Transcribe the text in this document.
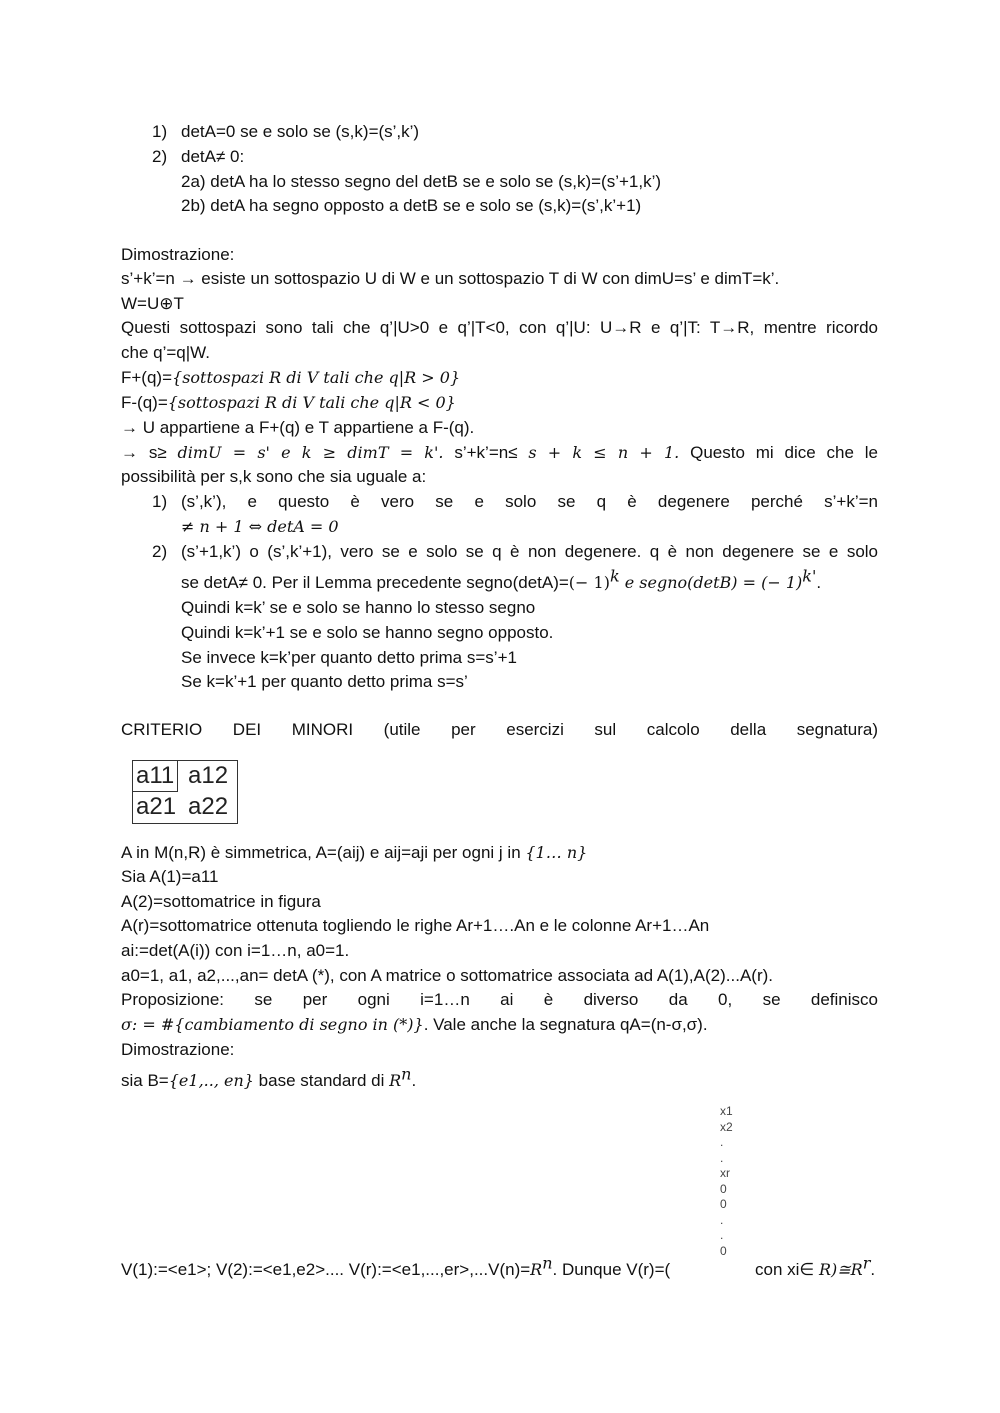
1) detA=0 se e solo se (s,k)=(s’,k’)
2) detA≠ 0:
2a) detA ha lo stesso segno del detB se e solo se (s,k)=(s’+1,k’)
2b) detA ha segno opposto a detB se e solo se (s,k)=(s’,k’+1)
Dimostrazione:
s’+k’=n → esiste un sottospazio U di W e un sottospazio T di W con dimU=s’ e dimT=k’.
W=U⊕T
Questi sottospazi sono tali che q’|U>0 e q’|T<0, con q’|U: U→R e q’|T: T→R, mentre ricordo
che q’=q|W.
F+(q)={sottospazi R di V tali che q|R > 0}
F-(q)={sottospazi R di V tali che q|R < 0}
→ U appartiene a F+(q) e T appartiene a F-(q).
→ s≥ dimU = s' e k ≥ dimT = k'. s’+k’=n≤ s + k ≤ n + 1. Questo mi dice che le
possibilità per s,k sono che sia uguale a:
1) (s’,k’), e questo è vero se e solo se q è degenere perché s’+k’=n
≠ n + 1 ⇔ detA = 0
2) (s’+1,k’) o (s’,k’+1), vero se e solo se q è non degenere. q è non degenere se e solo
se detA≠ 0. Per il Lemma precedente segno(detA)=(− 1)$^k$ e segno(detB) = (− 1)$^{k'}$.
Quindi k=k’ se e solo se hanno lo stesso segno
Quindi k=k’+1 se e solo se hanno segno opposto.
Se invece k=k’per quanto detto prima s=s’+1
Se k=k’+1 per quanto detto prima s=s’
CRITERIO DEI MINORI (utile per esercizi sul calcolo della segnatura)
a11 a12
a21 a22
A in M(n,R) è simmetrica, A=(aij) e aij=aji per ogni j in {1… n}
Sia A(1)=a11
A(2)=sottomatrice in figura
A(r)=sottomatrice ottenuta togliendo le righe Ar+1….An e le colonne Ar+1…An
ai:=det(A(i)) con i=1…n, a0=1.
a0=1, a1, a2,...,an= detA (*), con A matrice o sottomatrice associata ad A(1),A(2)...A(r).
Proposizione: se per ogni i=1…n ai è diverso da 0, se definisco
σ: = #{cambiamento di segno in (*)}. Vale anche la segnatura qA=(n-σ,σ).
Dimostrazione:
sia B={e1,.., en} base standard di $R^n$.
x1
x2
.
.
xr
0
0
.
.
0
V(1):=<e1>; V(2):=<e1,e2>.... $V(r):=<e1,...,er>,...V(n)=R^n$. Dunque V(r)=(	con xi∈ $R)≅R^r$.
